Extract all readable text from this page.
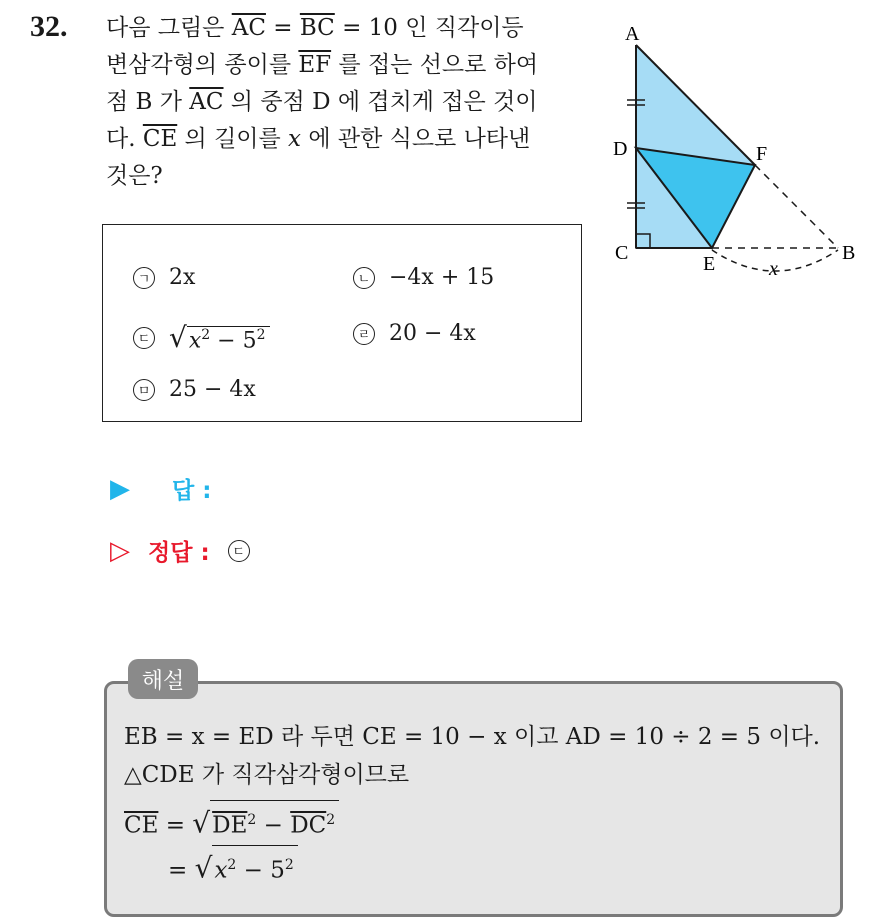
32. 다음 그림은 $\overline{AC} = \overline{BC} = 10$ 인 직각이등
변삼각형의 종이를 $\overline{EF}$ 를 접는 선으로 하여
점 B 가 $\overline{AC}$ 의 중점 D 에 겹치게 접은 것이
다. $\overline{CE}$ 의 길이를 x 에 관한 식으로 나타낸
것은?
A
D	F
C	E	B
x
ㄱ 2x	ㄴ −4x + 15
ㄷ $√x^2 - 5^2$	ㄹ 20 − 4x
ㅁ 25 − 4x
▶ 답 :
▷ 정답 :	ㄷ
해설
EB = x = ED 라 두면 CE = 10 − x 이고 AD = 10 ÷ 2 = 5 이다.
△CDE 가 직각삼각형이므로
$\overline{CE} = √DE^2 - \overline{DC}^2$
= $√x^2 - 5^2$
